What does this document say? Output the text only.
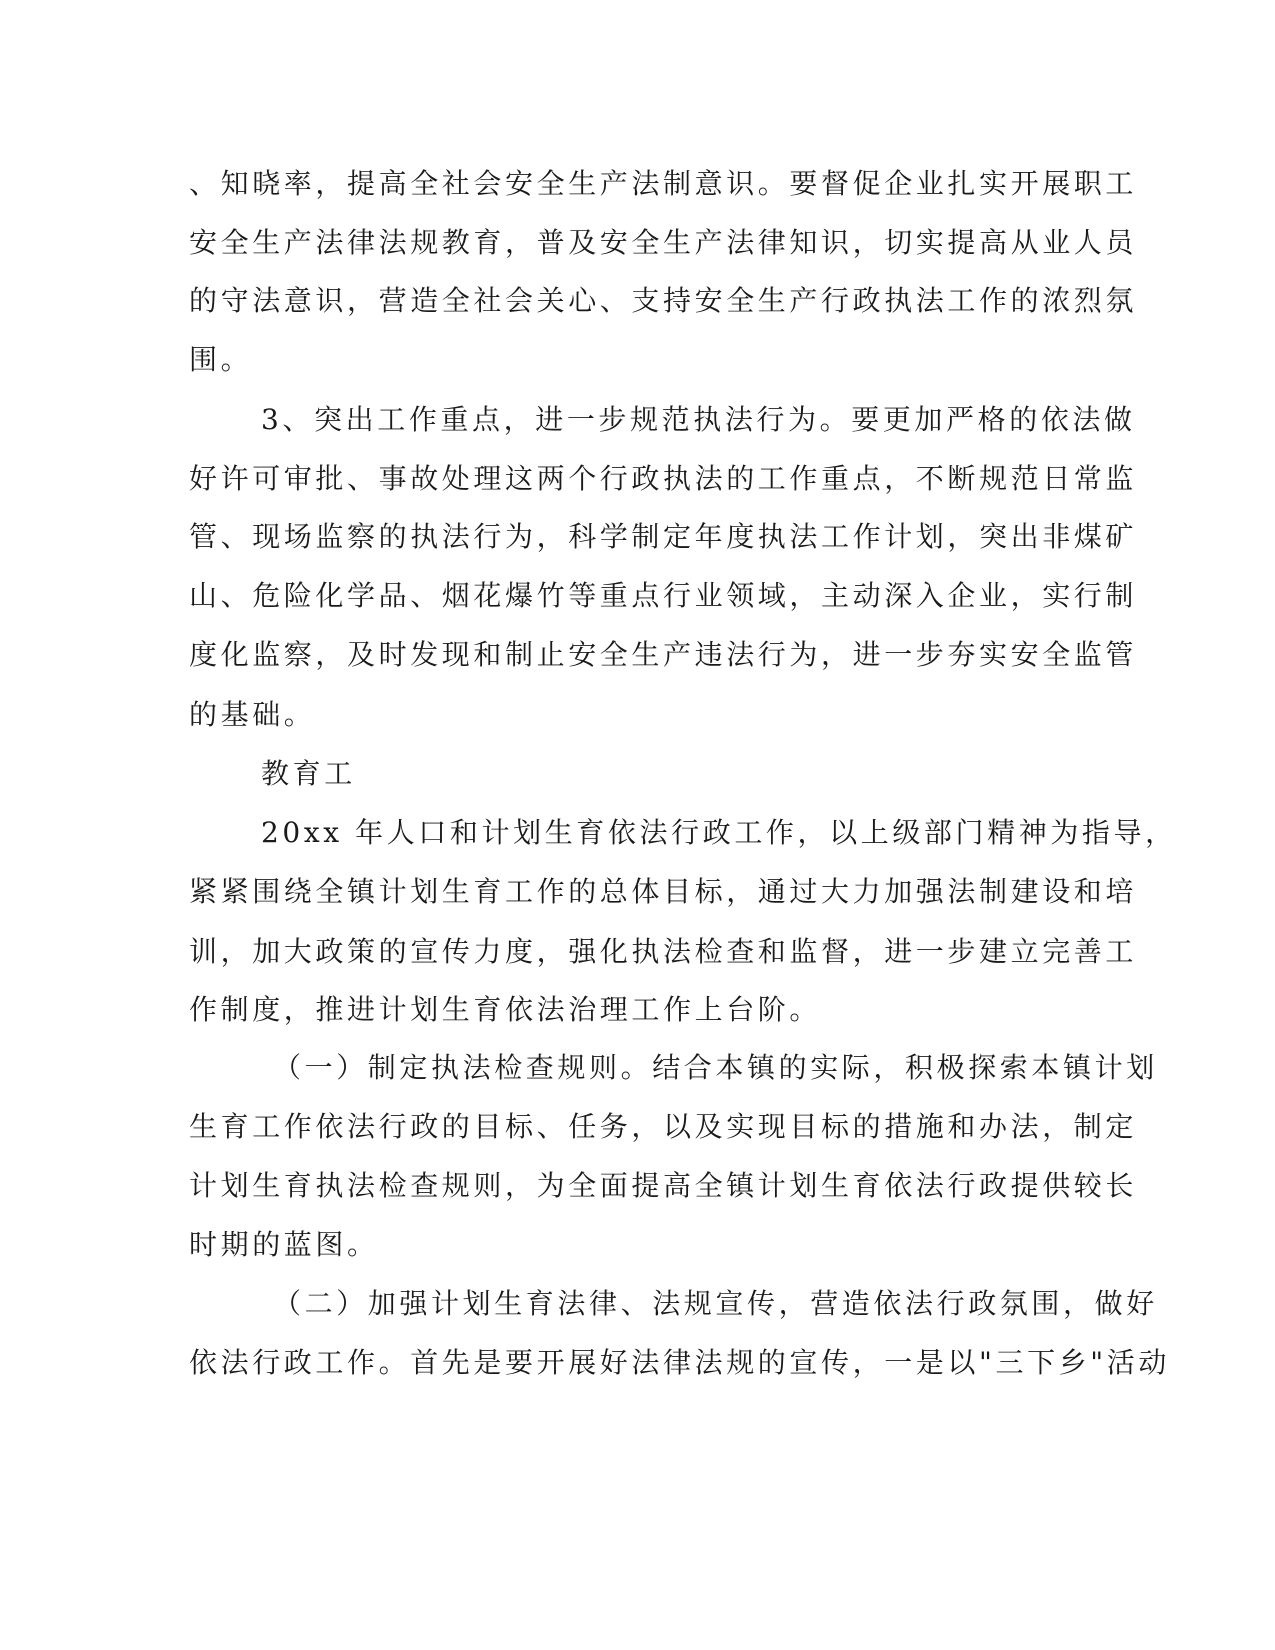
、知晓率，提高全社会安全生产法制意识。要督促企业扎实开展职工
安全生产法律法规教育，普及安全生产法律知识，切实提高从业人员
的守法意识，营造全社会关心、支持安全生产行政执法工作的浓烈氛
围。
3、突出工作重点，进一步规范执法行为。要更加严格的依法做
好许可审批、事故处理这两个行政执法的工作重点，不断规范日常监
管、现场监察的执法行为，科学制定年度执法工作计划，突出非煤矿
山、危险化学品、烟花爆竹等重点行业领域，主动深入企业，实行制
度化监察，及时发现和制止安全生产违法行为，进一步夯实安全监管
的基础。
教育工
20xx 年人口和计划生育依法行政工作，以上级部门精神为指导，
紧紧围绕全镇计划生育工作的总体目标，通过大力加强法制建设和培
训，加大政策的宣传力度，强化执法检查和监督，进一步建立完善工
作制度，推进计划生育依法治理工作上台阶。
（一）制定执法检查规则。结合本镇的实际，积极探索本镇计划
生育工作依法行政的目标、任务，以及实现目标的措施和办法，制定
计划生育执法检查规则，为全面提高全镇计划生育依法行政提供较长
时期的蓝图。
（二）加强计划生育法律、法规宣传，营造依法行政氛围，做好
依法行政工作。首先是要开展好法律法规的宣传，一是以"三下乡"活动
